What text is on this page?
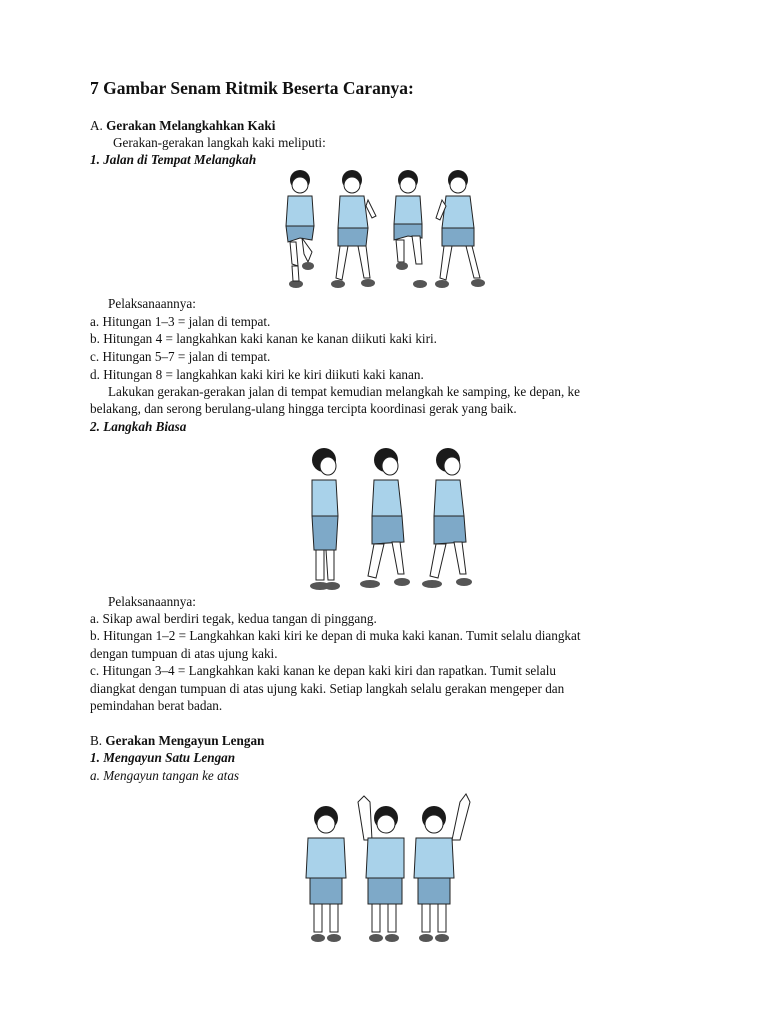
7 Gambar Senam Ritmik Beserta Caranya:
A. Gerakan Melangkahkan Kaki
Gerakan-gerakan langkah kaki meliputi:
1. Jalan di Tempat Melangkah
Pelaksanaannya:
a. Hitungan 1–3 = jalan di tempat.
b. Hitungan 4 = langkahkan kaki kanan ke kanan diikuti kaki kiri.
c. Hitungan 5–7 = jalan di tempat.
d. Hitungan 8 = langkahkan kaki kiri ke kiri diikuti kaki kanan.
Lakukan gerakan-gerakan jalan di tempat kemudian melangkah ke samping, ke depan, ke
belakang, dan serong berulang-ulang hingga tercipta koordinasi gerak yang baik.
2. Langkah Biasa
Pelaksanaannya:
a. Sikap awal berdiri tegak, kedua tangan di pinggang.
b. Hitungan 1–2 = Langkahkan kaki kiri ke depan di muka kaki kanan. Tumit selalu diangkat
dengan tumpuan di atas ujung kaki.
c. Hitungan 3–4 = Langkahkan kaki kanan ke depan kaki kiri dan rapatkan. Tumit selalu
diangkat dengan tumpuan di atas ujung kaki. Setiap langkah selalu gerakan mengeper dan
pemindahan berat badan.
B. Gerakan Mengayun Lengan
1. Mengayun Satu Lengan
a. Mengayun tangan ke atas
